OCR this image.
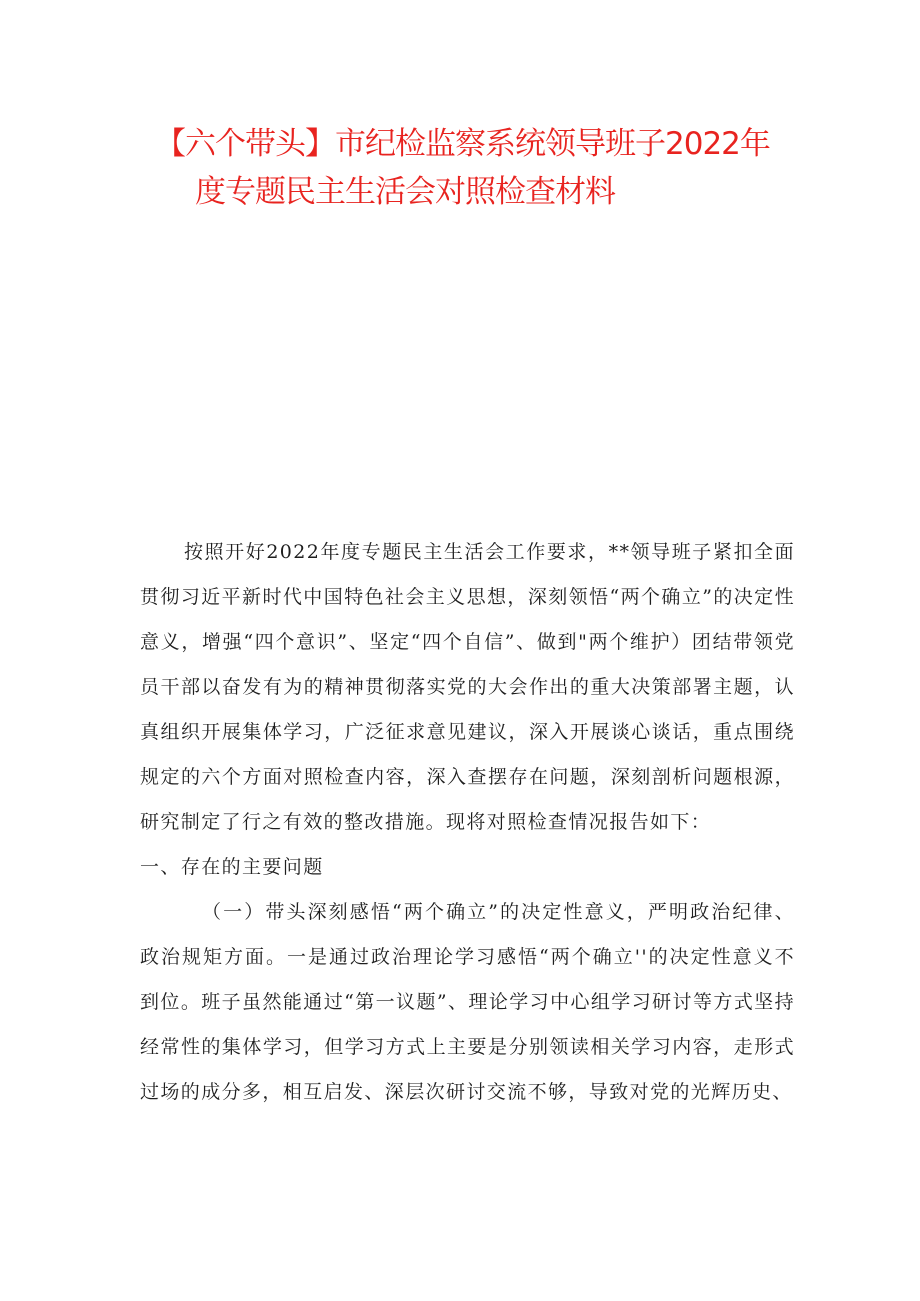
【六个带头】市纪检监察系统领导班子2022年
度专题民主生活会对照检查材料

按照开好2022年度专题民主生活会工作要求，**领导班子紧扣全面贯彻习近平新时代中国特色社会主义思想，深刻领悟“两个确立”的决定性意义，增强“四个意识”、坚定“四个自信”、做到"两个维护）团结带领党员干部以奋发有为的精神贯彻落实党的大会作出的重大决策部署主题，认真组织开展集体学习，广泛征求意见建议，深入开展谈心谈话，重点围绕规定的六个方面对照检查内容，深入查摆存在问题，深刻剖析问题根源，研究制定了行之有效的整改措施。现将对照检查情况报告如下：

一、存在的主要问题

（一）带头深刻感悟“两个确立”的决定性意义，严明政治纪律、政治规矩方面。一是通过政治理论学习感悟“两个确立''的决定性意义不到位。班子虽然能通过“第一议题”、理论学习中心组学习研讨等方式坚持经常性的集体学习，但学习方式上主要是分别领读相关学习内容，走形式过场的成分多，相互启发、深层次研讨交流不够，导致对党的光辉历史、
